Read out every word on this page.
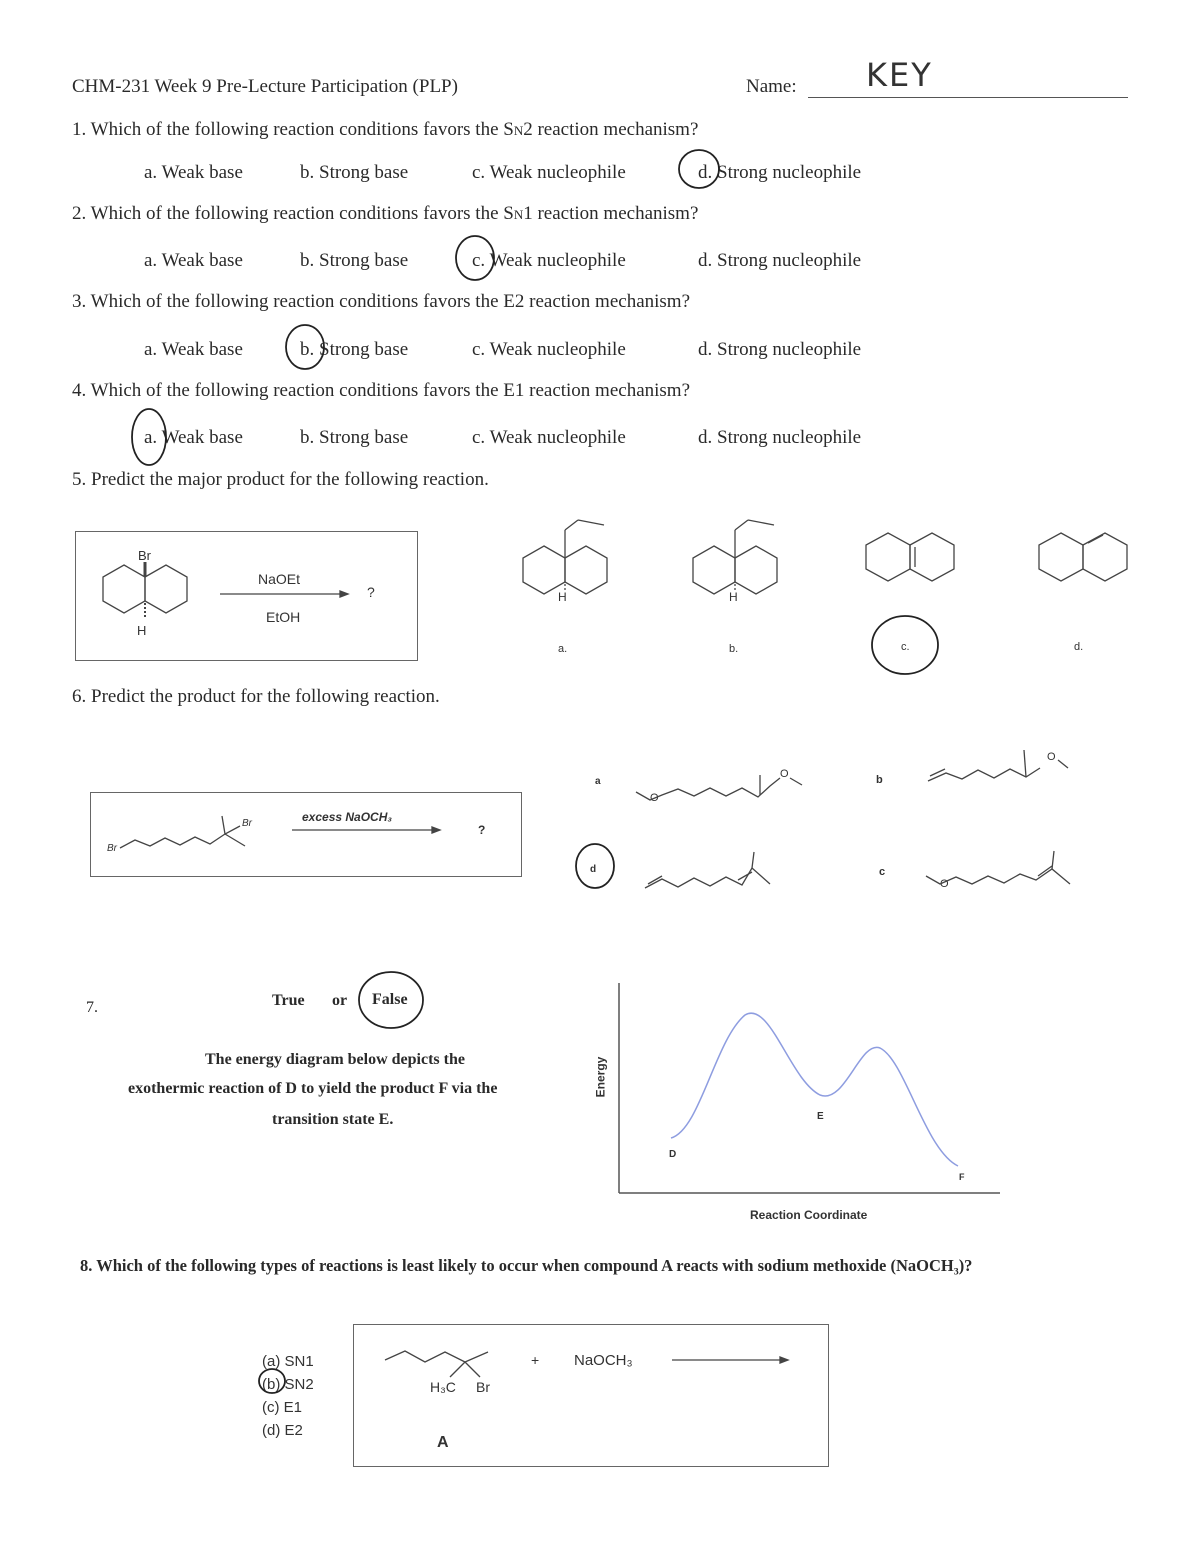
CHM-231 Week 9 Pre-Lecture Participation (PLP)	Name: KEY
1. Which of the following reaction conditions favors the SN2 reaction mechanism?
a. Weak base	b. Strong base	c. Weak nucleophile	d. Strong nucleophile
2. Which of the following reaction conditions favors the SN1 reaction mechanism?
a. Weak base	b. Strong base	c. Weak nucleophile	d. Strong nucleophile
3. Which of the following reaction conditions favors the E2 reaction mechanism?
a. Weak base	b. Strong base	c. Weak nucleophile	d. Strong nucleophile
4. Which of the following reaction conditions favors the E1 reaction mechanism?
a. Weak base	b. Strong base	c. Weak nucleophile	d. Strong nucleophile
5. Predict the major product for the following reaction.
Br
H
NaOEt
EtOH
?	H	H
a.	b.	c.	d.
6. Predict the product for the following reaction.
excess NaOCH₃
?
Br
Br
a	b
c
d
O
O
O
O
7.	True or False
The energy diagram below depicts the
exothermic reaction of D to yield the product F via the
transition state E.
Energy
Reaction Coordinate
D
E
F
8. Which of the following types of reactions is least likely to occur when compound A reacts with sodium methoxide (NaOCH₃)?
(a) SN1
(b) SN2
(c) E1
(d) E2
+ NaOCH₃
H₃C Br
A
